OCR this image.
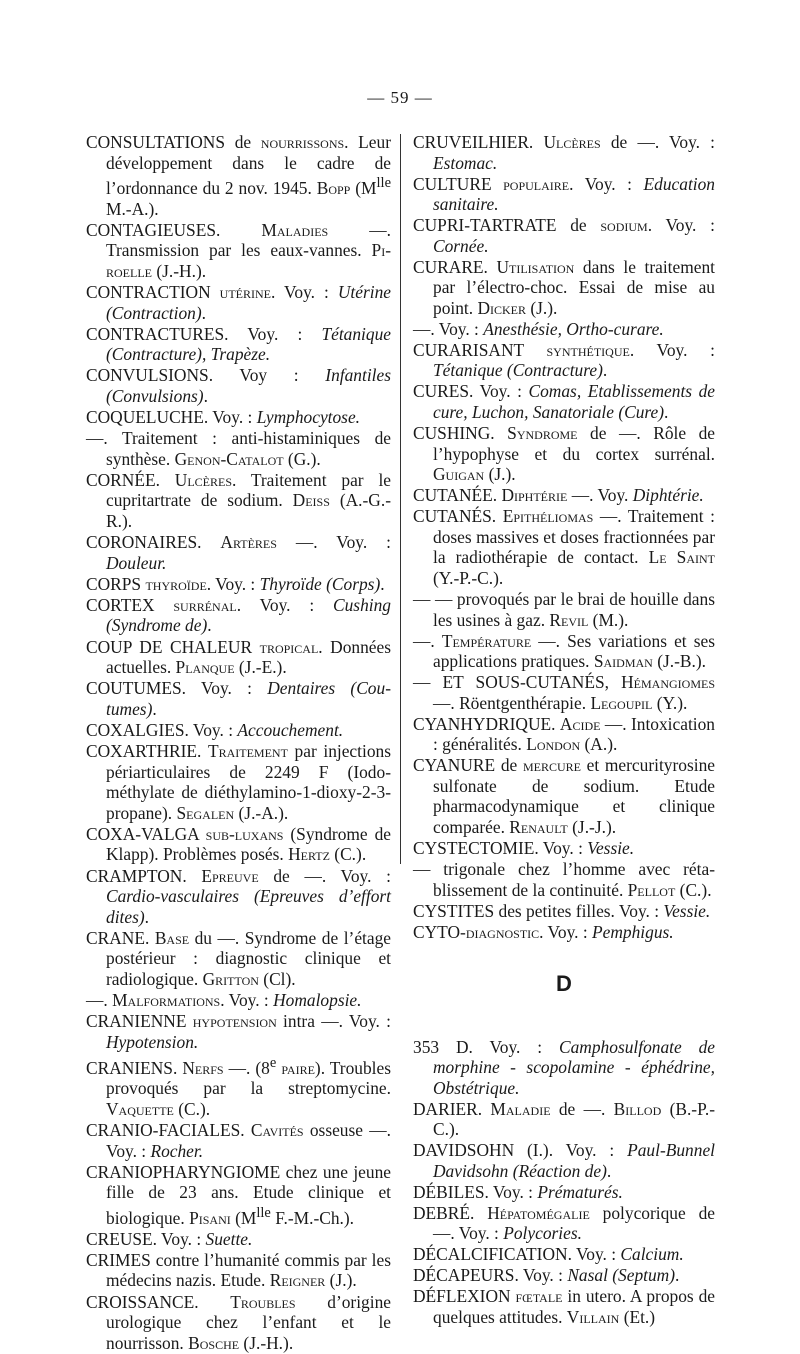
— 59 —
CONSULTATIONS de nourrissons. Leur développement dans le cadre de l’ordonnance du 2 nov. 1945. Bopp ($M^{lle}$ M.-A.).
CONTAGIEUSES. Maladies —. Transmission par les eaux-vannes. Piroelle (J.-H.).
CONTRACTION utérine. Voy. : Utérine (Contraction).
CONTRACTURES. Voy. : Tétanique (Contracture), Trapèze.
CONVULSIONS. Voy : Infantiles (Convulsions).
COQUELUCHE. Voy. : Lymphocytose.
—. Traitement : anti-histaminiques de synthèse. Genon-Catalot (G.).
CORNÉE. Ulcères. Traitement par le cupritartrate de sodium. Deiss (A.-G.-R.).
CORONAIRES. Artères —. Voy. : Douleur.
CORPS thyroïde. Voy. : Thyroïde (Corps).
CORTEX surrénal. Voy. : Cushing (Syndrome de).
COUP DE CHALEUR tropical. Données actuelles. Planque (J.-E.).
COUTUMES. Voy. : Dentaires (Coutumes).
COXALGIES. Voy. : Accouchement.
COXARTHRIE. Traitement par injections périarticulaires de 2249 F (Iodo-méthylate de diéthylamino-1-dioxy-2-3-propane). Segalen (J.-A.).
COXA-VALGA sub-luxans (Syndrome de Klapp). Problèmes posés. Hertz (C.).
CRAMPTON. Epreuve de —. Voy. : Cardio-vasculaires (Epreuves d’effort dites).
CRANE. Base du —. Syndrome de l’étage postérieur : diagnostic clinique et radiologique. Gritton (Cl).
—. Malformations. Voy. : Homalopsie.
CRANIENNE hypotension intra —. Voy. : Hypotension.
CRANIENS. Nerfs —. (8e paire). Troubles provoqués par la streptomycine. Vaquette (C.).
CRANIO-FACIALES. Cavités osseuse —. Voy. : Rocher.
CRANIOPHARYNGIOME chez une jeune fille de 23 ans. Etude clinique et biologique. Pisani ($M^{lle}$ F.-M.-Ch.).
CREUSE. Voy. : Suette.
CRIMES contre l’humanité commis par les médecins nazis. Etude. Reigner (J.).
CROISSANCE. Troubles d’origine urologique chez l’enfant et le nourrisson. Bosche (J.-H.).
CRUVEILHIER. Ulcères de —. Voy. : Estomac.
CULTURE populaire. Voy. : Education sanitaire.
CUPRI-TARTRATE de sodium. Voy. : Cornée.
CURARE. Utilisation dans le traitement par l’électro-choc. Essai de mise au point. Dicker (J.).
—. Voy. : Anesthésie, Ortho-curare.
CURARISANT synthétique. Voy. : Tétanique (Contracture).
CURES. Voy. : Comas, Etablissements de cure, Luchon, Sanatoriale (Cure).
CUSHING. Syndrome de —. Rôle de l’hypophyse et du cortex surrénal. Guigan (J.).
CUTANÉE. Diphtérie —. Voy. Diphtérie.
CUTANÉS. Epithéliomas —. Traitement : doses massives et doses fractionnées par la radiothérapie de contact. Le Saint (Y.-P.-C.).
— — provoqués par le brai de houille dans les usines à gaz. Revil (M.).
—. Température —. Ses variations et ses applications pratiques. Saidman (J.-B.).
— ET SOUS-CUTANÉS, Hémangiomes —. Röentgenthérapie. Legoupil (Y.).
CYANHYDRIQUE. Acide —. Intoxication : généralités. London (A.).
CYANURE de mercure et mercurityrosine sulfonate de sodium. Etude pharmacodynamique et clinique comparée. Renault (J.-J.).
CYSTECTOMIE. Voy. : Vessie.
— trigonale chez l’homme avec rétablissement de la continuité. Pellot (C.).
CYSTITES des petites filles. Voy. : Vessie.
CYTO-diagnostic. Voy. : Pemphigus.
D
353 D. Voy. : Camphosulfonate de morphine - scopolamine - éphédrine, Obstétrique.
DARIER. Maladie de —. Billod (B.-P.-C.).
DAVIDSOHN (I.). Voy. : Paul-Bunnel Davidsohn (Réaction de).
DÉBILES. Voy. : Prématurés.
DEBRÉ. Hépatomégalie polycorique de —. Voy. : Polycories.
DÉCALCIFICATION. Voy. : Calcium.
DÉCAPEURS. Voy. : Nasal (Septum).
DÉFLEXION fœtale in utero. A propos de quelques attitudes. Villain (Et.)
